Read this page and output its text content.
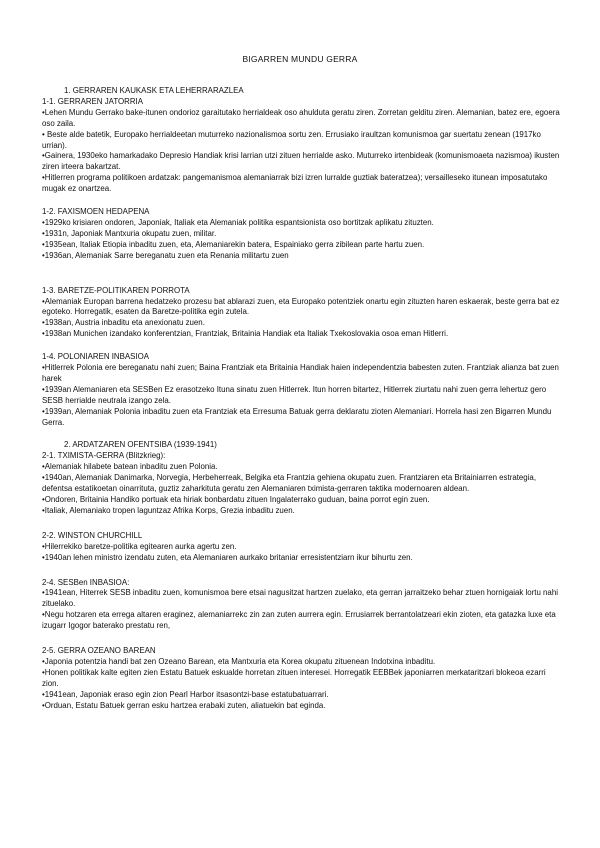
BIGARREN MUNDU GERRA

1. GERRAREN KAUKASK ETA LEHERRARAZLEA

1-1. GERRAREN JATORRIA

•Lehen Mundu Gerrako bake-itunen ondorioz garaitutako herrialdeak oso ahulduta geratu ziren. Zorretan gelditu ziren. Alemanian, batez ere, egoera oso zaila.

• Beste alde batetik, Europako herrialdeetan muturreko nazionalismoa sortu zen. Errusiako iraultzan komunismoa gar suertatu zenean (1917ko urrian).

•Gainera, 1930eko hamarkadako Depresio Handiak krisi larrian utzi zituen herrialde asko. Muturreko irtenbideak (komunismoaeta nazismoa) ikusten ziren irteera bakartzat.

•Hitlerren programa politikoen ardatzak: pangemanismoa alemaniarrak bizi izren lurralde guztiak bateratzea); versailleseko itunean imposatutako mugak ez onartzea.

1-2. FAXISMOEN HEDAPENA

•1929ko krisiaren ondoren, Japoniak, Italiak eta Alemaniak politika espantsionista oso bortitzak aplikatu zituzten.

•1931n, Japoniak Mantxuria okupatu zuen, militar.

•1935ean, Italiak Etiopia inbaditu zuen, eta, Alemaniarekin batera, Espainiako gerra zibilean parte hartu zuen.

•1936an, Alemaniak Sarre bereganatu zuen eta Renania militartu zuen

1-3. BARETZE-POLITIKAREN PORROTA

•Alemaniak Europan barrena hedatzeko prozesu bat ablarazi zuen, eta Europako potentziek onartu egin zituzten haren eskaerak, beste gerra bat ez egoteko. Horregatik, esaten da Baretze-politika egin zutela.

•1938an, Austria inbaditu eta anexionatu zuen.

•1938an Munichen izandako konferentzian, Frantziak, Britainia Handiak eta Italiak Txekoslovakia osoa eman Hitlerri.

1-4. POLONIAREN INBASIOA

•Hitlerrek Polonia ere bereganatu nahi zuen; Baina Frantziak eta Britainia Handiak haien independentzia babesten zuten. Frantziak alianza bat zuen harek

•1939an Alemaniaren eta SESBen Ez erasotzeko Ituna sinatu zuen Hitlerrek. Itun horren bitartez, Hitlerrek ziurtatu nahi zuen gerra lehertuz gero SESB herrialde neutrala izango zela.

•1939an, Alemaniak Polonia inbaditu zuen eta Frantziak eta Erresuma Batuak gerra deklaratu zioten Alemaniari. Horrela hasi zen Bigarren Mundu Gerra.

2. ARDATZAREN OFENTSIBA (1939-1941)

2-1. TXIMISTA-GERRA (Blitzkrieg):

•Alemaniak hilabete batean inbaditu zuen Polonia.

•1940an, Alemaniak Danimarka, Norvegia, Herbeherreak, Belgika eta Frantzia gehiena okupatu zuen. Frantziaren eta Britainiarren estrategia, defentsa estatikoetan oinarrituta, guztiz zaharkituta geratu zen Alemaniaren tximista-gerraren taktika modernoaren aldean.

•Ondoren, Britainia Handiko portuak eta hiriak bonbardatu zituen Ingalaterrako guduan, baina porrot egin zuen.

•Italiak, Alemaniako tropen laguntzaz Afrika Korps, Grezia inbaditu zuen.

2-2. WINSTON CHURCHILL

•Hilerrekiko baretze-politika egitearen aurka agertu zen.

•1940an lehen ministro izendatu zuten, eta Alemaniaren aurkako britaniar erresistentziarn ikur bihurtu zen.

2-4. SESBen INBASIOA:

•1941ean, Hiterrek SESB inbaditu zuen, komunismoa bere etsai nagusitzat hartzen zuelako, eta gerran jarraitzeko behar ztuen hornigaiak lortu nahi zituelako.

•Negu hotzaren eta errega altaren eraginez, alemaniarrekc zin zan zuten aurrera egin. Errusiarrek berrantolatzeari ekin zioten, eta gatazka luxe eta izugarr Igogor baterako prestatu ren,

2-5. GERRA OZEANO BAREAN

•Japonia potentzia handi bat zen Ozeano Barean, eta Mantxuria eta Korea okupatu zituenean Indotxina inbaditu.

•Honen politikak kalte egiten zien Estatu Batuek eskualde horretan zituen interesei. Horregatik EEBBek japoniarren merkataritzari blokeoa ezarri zion.

•1941ean, Japoniak eraso egin zion Pearl Harbor itsasontzi-base estatubatuarrari.

•Orduan, Estatu Batuek gerran esku hartzea erabaki zuten, aliatuekin bat eginda.
